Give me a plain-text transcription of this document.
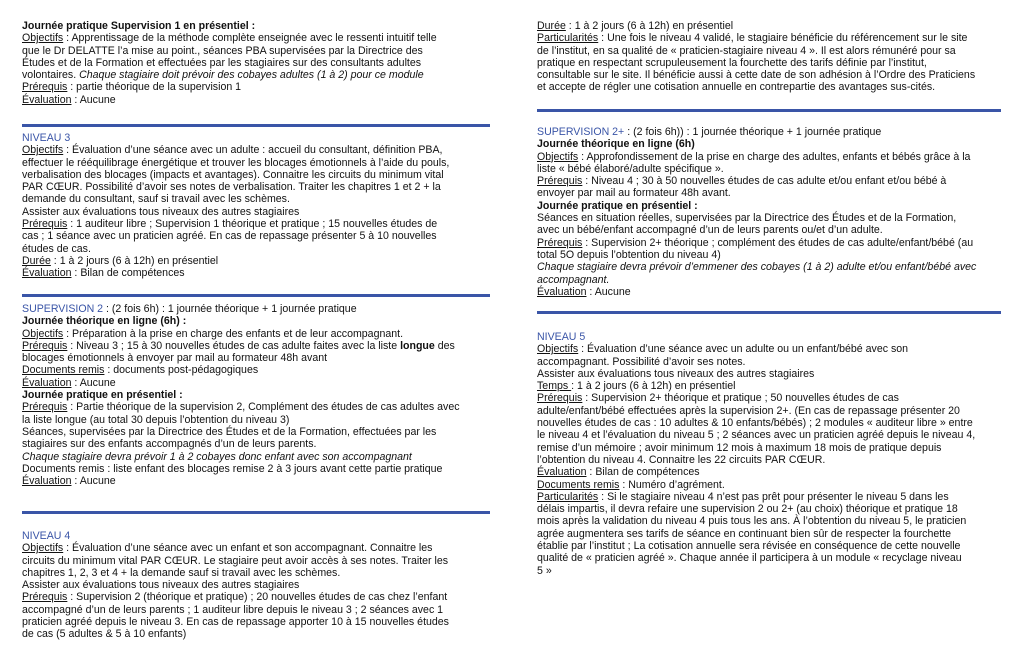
Journée pratique Supervision 1 en présentiel :
Objectifs : Apprentissage de la méthode complète enseignée avec le ressenti intuitif telle
que le Dr DELATTE l’a mise au point., séances PBA supervisées par la Directrice des
Études et de la Formation et effectuées par les stagiaires sur des consultants adultes
volontaires. Chaque stagiaire doit prévoir des cobayes adultes (1 à 2) pour ce module
Prérequis : partie théorique de la supervision 1
Évaluation : Aucune
NIVEAU 3
Objectifs : Évaluation d’une séance avec un adulte : accueil du consultant, définition PBA,
effectuer le rééquilibrage énergétique et trouver les blocages émotionnels à l’aide du pouls,
verbalisation des blocages (impacts et avantages). Connaitre les circuits du minimum vital
PAR CŒUR. Possibilité d’avoir ses notes de verbalisation. Traiter les chapitres 1 et 2 + la
demande du consultant, sauf si travail avec les schèmes.
Assister aux évaluations tous niveaux des autres stagiaires
Prérequis : 1 auditeur libre ; Supervision 1 théorique et pratique ; 15 nouvelles études de
cas ; 1 séance avec un praticien agréé. En cas de repassage présenter 5 à 10 nouvelles
études de cas.
Durée : 1 à 2 jours (6 à 12h) en présentiel
Évaluation : Bilan de compétences
SUPERVISION 2 : (2 fois 6h) : 1 journée théorique + 1 journée pratique
Journée théorique en ligne (6h) :
Objectifs : Préparation à la prise en charge des enfants et de leur accompagnant.
Prérequis : Niveau 3 ; 15 à 30 nouvelles études de cas adulte faites avec la liste longue des
blocages émotionnels à envoyer par mail au formateur 48h avant
Documents remis : documents post-pédagogiques
Évaluation : Aucune
Journée pratique en présentiel :
Prérequis : Partie théorique de la supervision 2, Complément des études de cas adultes avec
la liste longue (au total 30 depuis l’obtention du niveau 3)
Séances, supervisées par la Directrice des Études et de la Formation, effectuées par les
stagiaires sur des enfants accompagnés d’un de leurs parents.
Chaque stagiaire devra prévoir 1 à 2 cobayes donc enfant avec son accompagnant
Documents remis : liste enfant des blocages remise 2 à 3 jours avant cette partie pratique
Évaluation : Aucune
NIVEAU 4
Objectifs : Évaluation d’une séance avec un enfant et son accompagnant. Connaitre les
circuits du minimum vital PAR CŒUR. Le stagiaire peut avoir accès à ses notes. Traiter les
chapitres 1, 2, 3 et 4 + la demande sauf si travail avec les schèmes.
Assister aux évaluations tous niveaux des autres stagiaires
Prérequis : Supervision 2 (théorique et pratique) ; 20 nouvelles études de cas chez l’enfant
accompagné d’un de leurs parents ; 1 auditeur libre depuis le niveau 3 ; 2 séances avec 1
praticien agréé depuis le niveau 3. En cas de repassage apporter 10 à 15 nouvelles études
de cas (5 adultes & 5 à 10 enfants)
Durée : 1 à 2 jours (6 à 12h) en présentiel
Particularités : Une fois le niveau 4 validé, le stagiaire bénéficie du référencement sur le site
de l’institut, en sa qualité de « praticien-stagiaire niveau 4 ». Il est alors rémunéré pour sa
pratique en respectant scrupuleusement la fourchette des tarifs définie par l’institut,
consultable sur le site. Il bénéficie aussi à cette date de son adhésion à l’Ordre des Praticiens
et accepte de régler une cotisation annuelle en contrepartie des avantages sus-cités.
SUPERVISION 2+ : (2 fois 6h)) : 1 journée théorique + 1 journée pratique
Journée théorique en ligne (6h)
Objectifs : Approfondissement de la prise en charge des adultes, enfants et bébés grâce à la
liste « bébé élaboré/adulte spécifique ».
Prérequis : Niveau 4 ; 30 à 50 nouvelles études de cas adulte et/ou enfant et/ou bébé à
envoyer par mail au formateur 48h avant.
Journée pratique en présentiel :
Séances en situation réelles, supervisées par la Directrice des Études et de la Formation,
avec un bébé/enfant accompagné d’un de leurs parents ou/et d’un adulte.
Prérequis : Supervision 2+ théorique ; complément des études de cas adulte/enfant/bébé (au
total 5O depuis l’obtention du niveau 4)
Chaque stagiaire devra prévoir d’emmener des cobayes (1 à 2) adulte et/ou enfant/bébé avec
accompagnant.
Évaluation : Aucune
NIVEAU 5
Objectifs : Évaluation d’une séance avec un adulte ou un enfant/bébé avec son
accompagnant. Possibilité d’avoir ses notes.
Assister aux évaluations tous niveaux des autres stagiaires
Temps : 1 à 2 jours (6 à 12h) en présentiel
Prérequis : Supervision 2+ théorique et pratique ; 50 nouvelles études de cas
adulte/enfant/bébé effectuées après la supervision 2+. (En cas de repassage présenter 20
nouvelles études de cas : 10 adultes & 10 enfants/bébés) ; 2 modules « auditeur libre » entre
le niveau 4 et l’évaluation du niveau 5 ; 2 séances avec un praticien agréé depuis le niveau 4,
remise d’un mémoire ; avoir minimum 12 mois à maximum 18 mois de pratique depuis
l’obtention du niveau 4. Connaitre les 22 circuits PAR CŒUR.
Évaluation : Bilan de compétences
Documents remis : Numéro d’agrément.
Particularités : Si le stagiaire niveau 4 n’est pas prêt pour présenter le niveau 5 dans les
délais impartis, il devra refaire une supervision 2 ou 2+ (au choix) théorique et pratique 18
mois après la validation du niveau 4 puis tous les ans. À l’obtention du niveau 5, le praticien
agrée augmentera ses tarifs de séance en continuant bien sûr de respecter la fourchette
établie par l’institut ; La cotisation annuelle sera révisée en conséquence de cette nouvelle
qualité de « praticien agréé ». Chaque année il participera à un module « recyclage niveau
5 »
